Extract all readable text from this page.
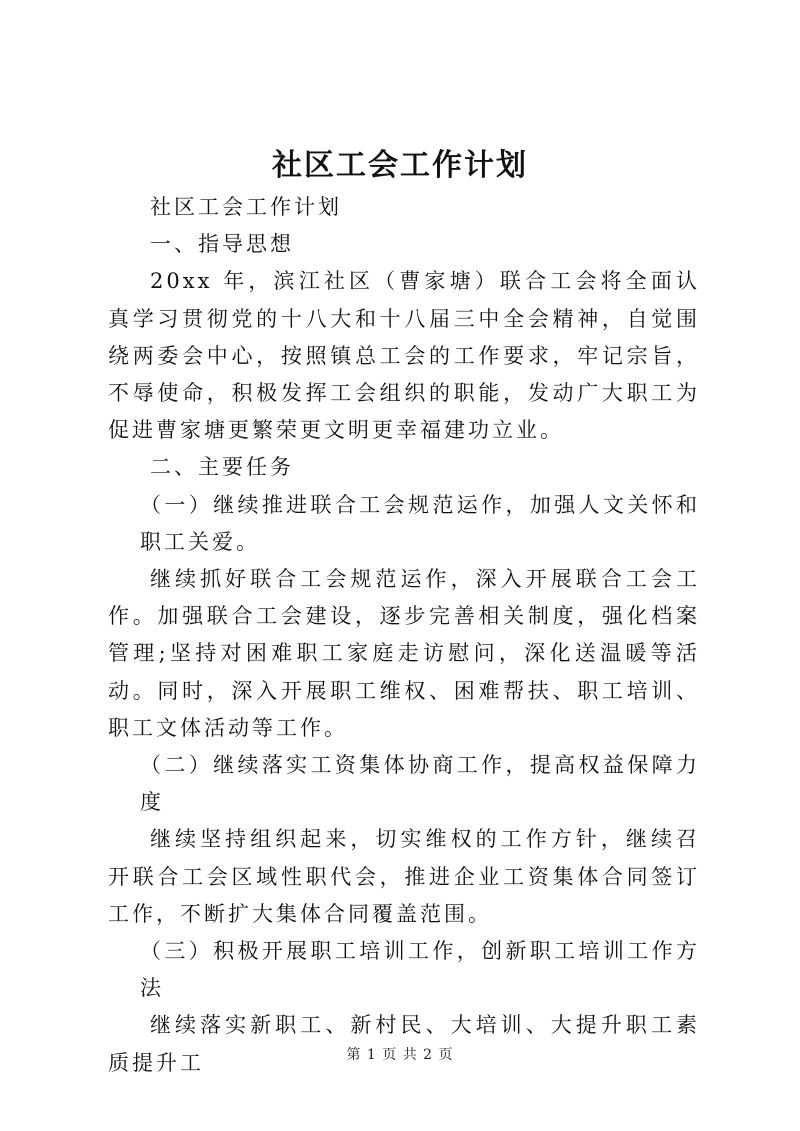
社区工会工作计划

社区工会工作计划

一、指导思想

20xx 年，滨江社区（曹家塘）联合工会将全面认真学习贯彻党的十八大和十八届三中全会精神，自觉围绕两委会中心，按照镇总工会的工作要求，牢记宗旨，不辱使命，积极发挥工会组织的职能，发动广大职工为促进曹家塘更繁荣更文明更幸福建功立业。

二、主要任务

（一）继续推进联合工会规范运作，加强人文关怀和职工关爱。

继续抓好联合工会规范运作，深入开展联合工会工作。加强联合工会建设，逐步完善相关制度，强化档案管理;坚持对困难职工家庭走访慰问，深化送温暖等活动。同时，深入开展职工维权、困难帮扶、职工培训、职工文体活动等工作。

（二）继续落实工资集体协商工作，提高权益保障力度

继续坚持组织起来，切实维权的工作方针，继续召开联合工会区域性职代会，推进企业工资集体合同签订工作，不断扩大集体合同覆盖范围。

（三）积极开展职工培训工作，创新职工培训工作方法

继续落实新职工、新村民、大培训、大提升职工素质提升工	第 1 页 共 2 页
